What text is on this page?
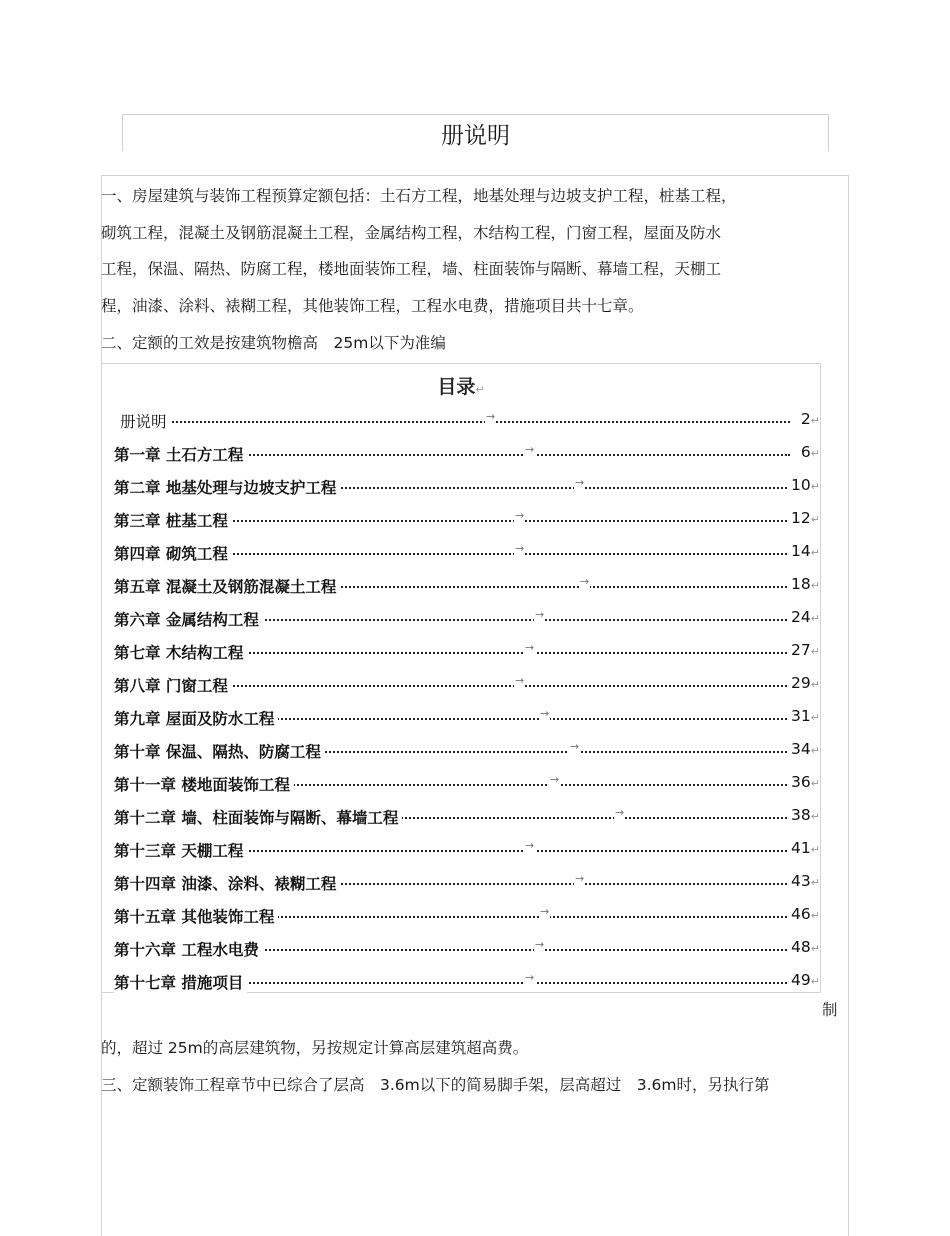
册说明
一、房屋建筑与装饰工程预算定额包括：土石方工程，地基处理与边坡支护工程，桩基工程，
砌筑工程，混凝土及钢筋混凝土工程，金属结构工程，木结构工程，门窗工程，屋面及防水
工程，保温、隔热、防腐工程，楼地面装饰工程，墙、柱面装饰与隔断、幕墙工程，天棚工
程，油漆、涂料、裱糊工程，其他装饰工程，工程水电费，措施项目共十七章。
二、定额的工效是按建筑物檐高　25m以下为准编
目录↵
册说明	→	2↵
第一章 土石方工程	→	6↵
第二章 地基处理与边坡支护工程	→	10↵
第三章 桩基工程	→	12↵
第四章 砌筑工程	→	14↵
第五章 混凝土及钢筋混凝土工程	→	18↵
第六章 金属结构工程	→	24↵
第七章 木结构工程	→	27↵
第八章 门窗工程	→	29↵
第九章 屋面及防水工程	→	31↵
第十章 保温、隔热、防腐工程	→	34↵
第十一章 楼地面装饰工程	→	36↵
第十二章 墙、柱面装饰与隔断、幕墙工程	→	38↵
第十三章 天棚工程	→	41↵
第十四章 油漆、涂料、裱糊工程	→	43↵
第十五章 其他装饰工程	→	46↵
第十六章 工程水电费	→	48↵
第十七章 措施项目	→	49↵
制
的，超过 25m的高层建筑物，另按规定计算高层建筑超高费。
三、定额装饰工程章节中已综合了层高　3.6m以下的简易脚手架，层高超过　3.6m时，另执行第
